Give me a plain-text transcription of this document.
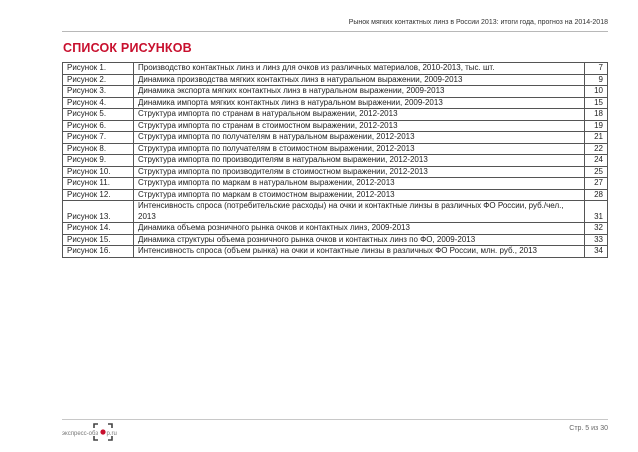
Рынок мягких контактных линз в России 2013: итоги года, прогноз на 2014-2018
СПИСОК РИСУНКОВ
Рисунок 1.	Производство контактных линз и линз для очков из различных материалов, 2010-2013, тыс. шт.	7
Рисунок 2.	Динамика производства мягких контактных линз в натуральном выражении, 2009-2013	9
Рисунок 3.	Динамика экспорта мягких контактных линз в натуральном выражении, 2009-2013	10
Рисунок 4.	Динамика импорта мягких контактных линз в натуральном выражении, 2009-2013	15
Рисунок 5.	Структура импорта по странам в натуральном выражении, 2012-2013	18
Рисунок 6.	Структура импорта по странам в стоимостном выражении, 2012-2013	19
Рисунок 7.	Структура импорта по получателям в натуральном выражении, 2012-2013	21
Рисунок 8.	Структура импорта по получателям в стоимостном выражении, 2012-2013	22
Рисунок 9.	Структура импорта по производителям в натуральном выражении, 2012-2013	24
Рисунок 10.	Структура импорта по производителям в стоимостном выражении, 2012-2013	25
Рисунок 11.	Структура импорта по маркам в натуральном выражении, 2012-2013	27
Рисунок 12.	Структура импорта по маркам в стоимостном выражении, 2012-2013	28
Рисунок 13.	Интенсивность спроса (потребительские расходы) на очки и контактные линзы в различных ФО России, руб./чел., 2013	31
Рисунок 14.	Динамика объема розничного рынка очков и контактных линз, 2009-2013	32
Рисунок 15.	Динамика структуры объема розничного рынка очков и контактных линз по ФО, 2009-2013	33
Рисунок 16.	Интенсивность спроса (объем рынка) на очки и контактные линзы в различных ФО России, млн. руб., 2013	34
экспресс-обз р.ru
Стр. 5 из 30
